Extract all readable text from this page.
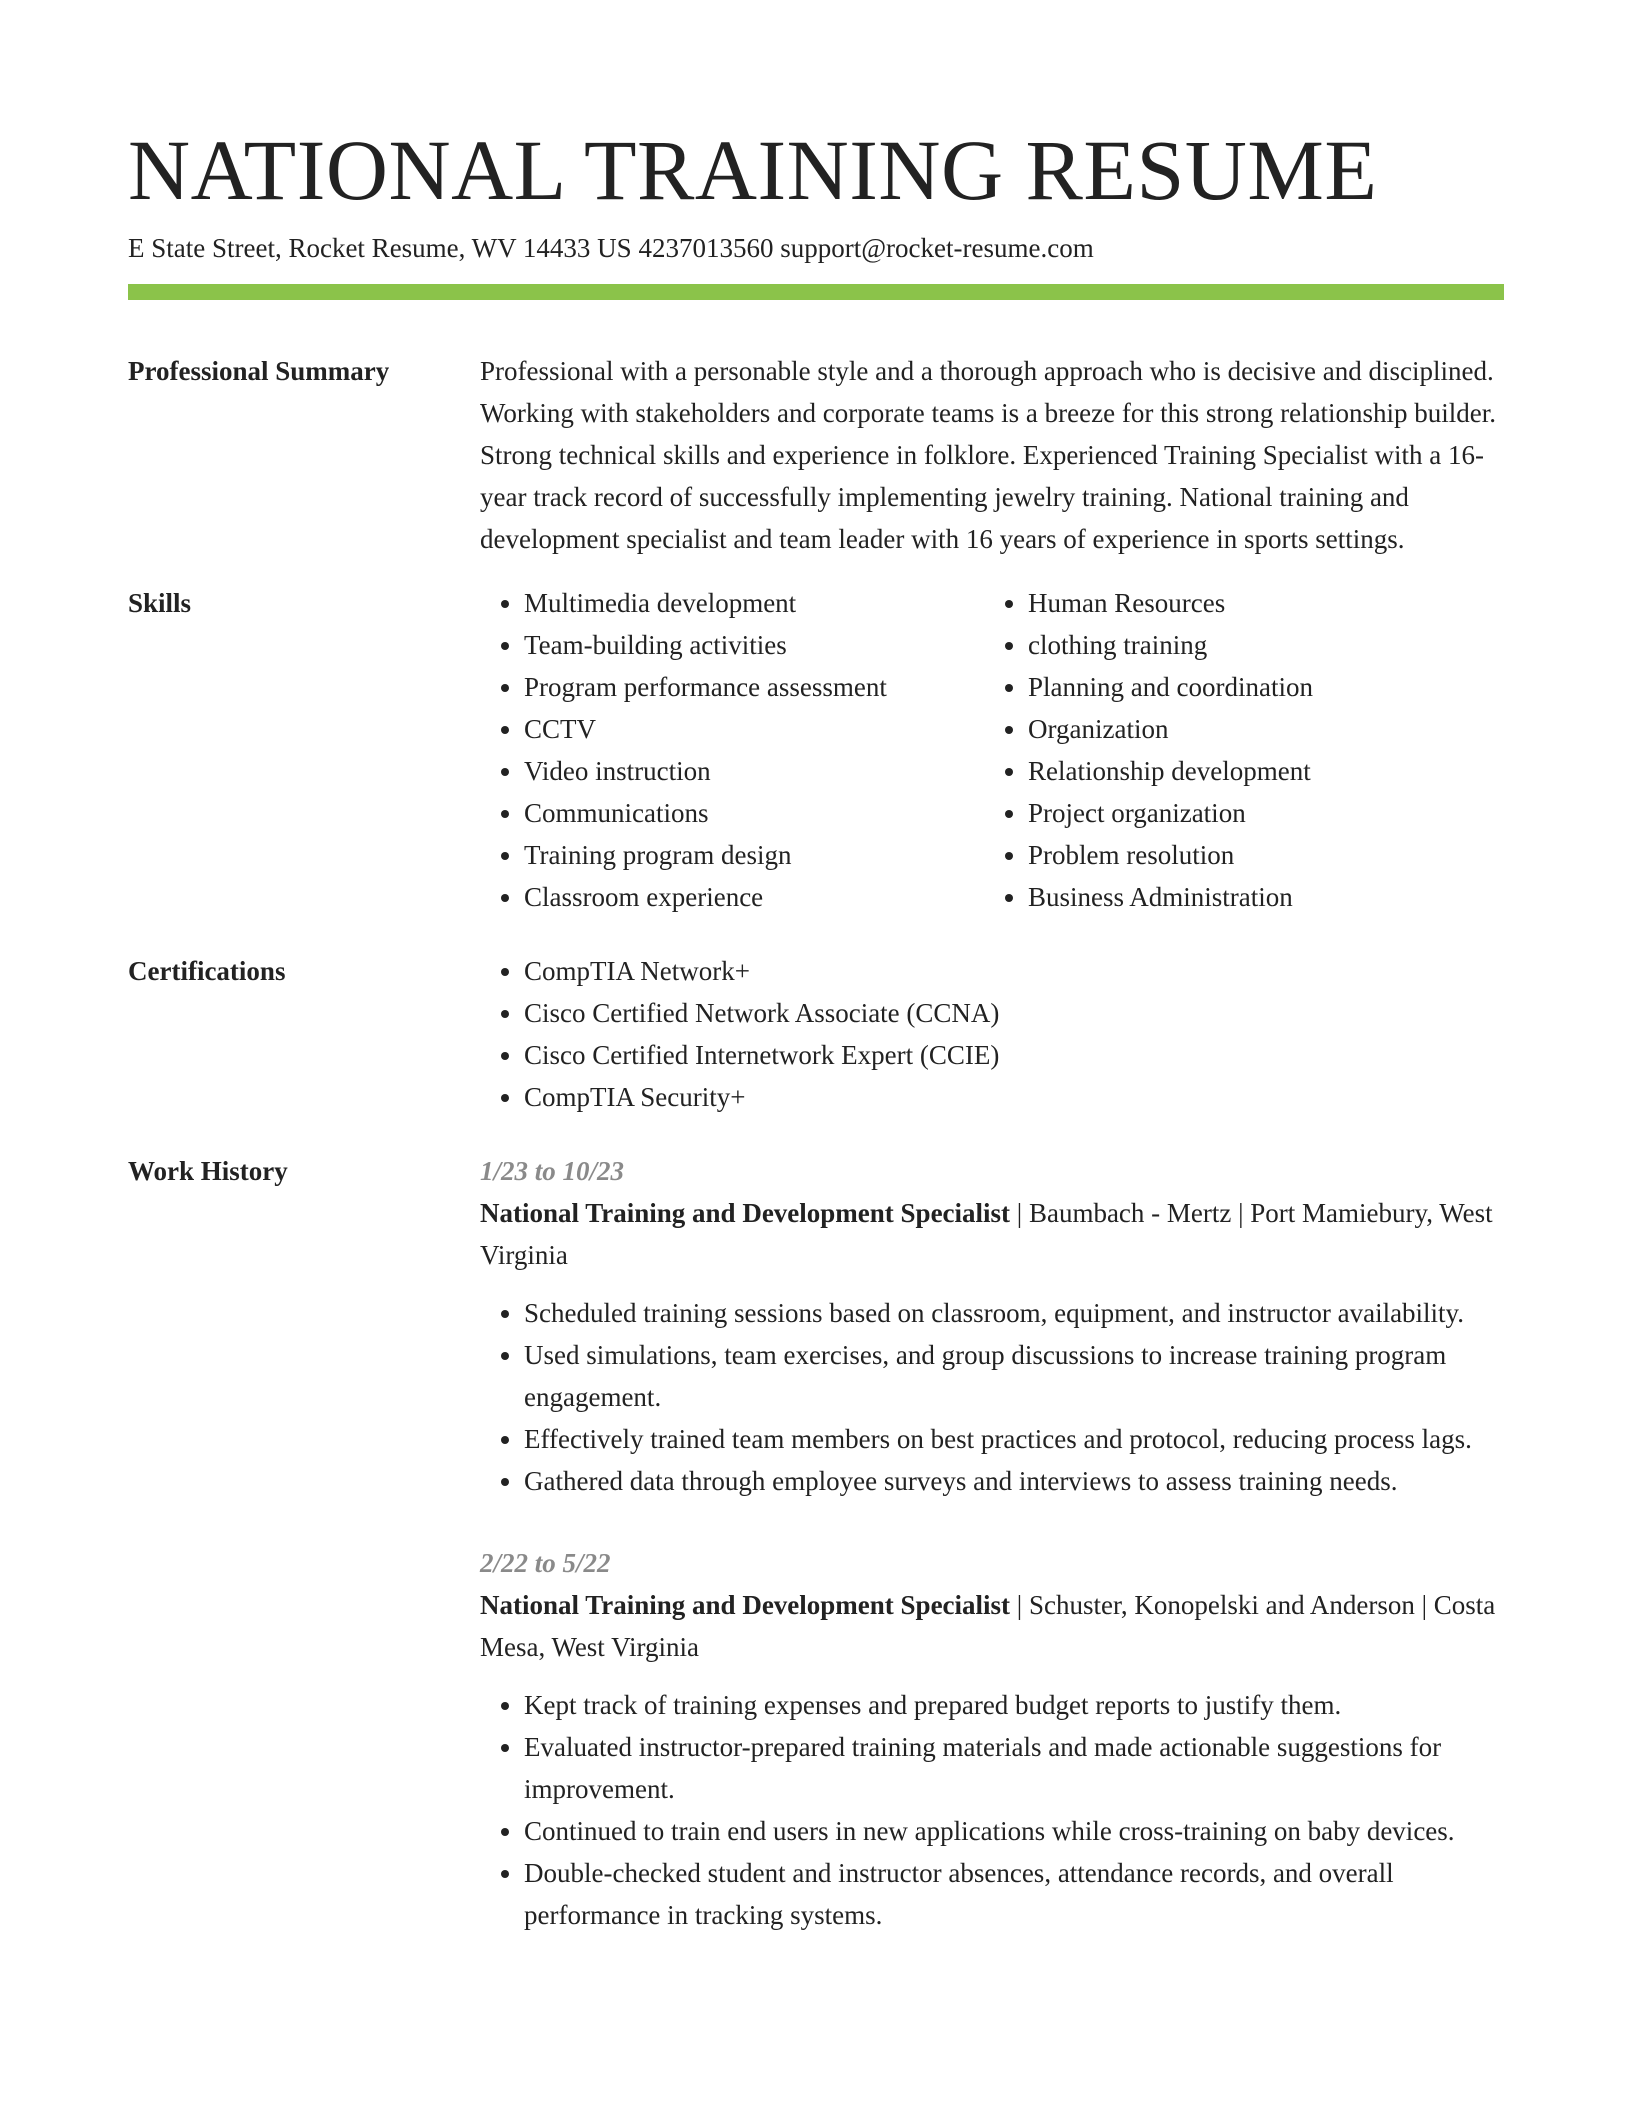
NATIONAL TRAINING RESUME
E State Street, Rocket Resume, WV 14433 US 4237013560 support@rocket-resume.com
Professional Summary	Professional with a personable style and a thorough approach who is decisive and disciplined. Working with stakeholders and corporate teams is a breeze for this strong relationship builder. Strong technical skills and experience in folklore. Experienced Training Specialist with a 16-year track record of successfully implementing jewelry training. National training and development specialist and team leader with 16 years of experience in sports settings.

Skills	• Multimedia development
• Team-building activities
• Program performance assessment
• CCTV
• Video instruction
• Communications
• Training program design
• Classroom experience
• Human Resources
• clothing training
• Planning and coordination
• Organization
• Relationship development
• Project organization
• Problem resolution
• Business Administration
Certifications	• CompTIA Network+
• Cisco Certified Network Associate (CCNA)
• Cisco Certified Internetwork Expert (CCIE)
• CompTIA Security+
Work History	1/23 to 10/23
National Training and Development Specialist | Baumbach - Mertz | Port Mamiebury, West Virginia
• Scheduled training sessions based on classroom, equipment, and instructor availability.
• Used simulations, team exercises, and group discussions to increase training program engagement.
• Effectively trained team members on best practices and protocol, reducing process lags.
• Gathered data through employee surveys and interviews to assess training needs.
2/22 to 5/22
National Training and Development Specialist | Schuster, Konopelski and Anderson | Costa Mesa, West Virginia
• Kept track of training expenses and prepared budget reports to justify them.
• Evaluated instructor-prepared training materials and made actionable suggestions for improvement.
• Continued to train end users in new applications while cross-training on baby devices.
• Double-checked student and instructor absences, attendance records, and overall performance in tracking systems.
